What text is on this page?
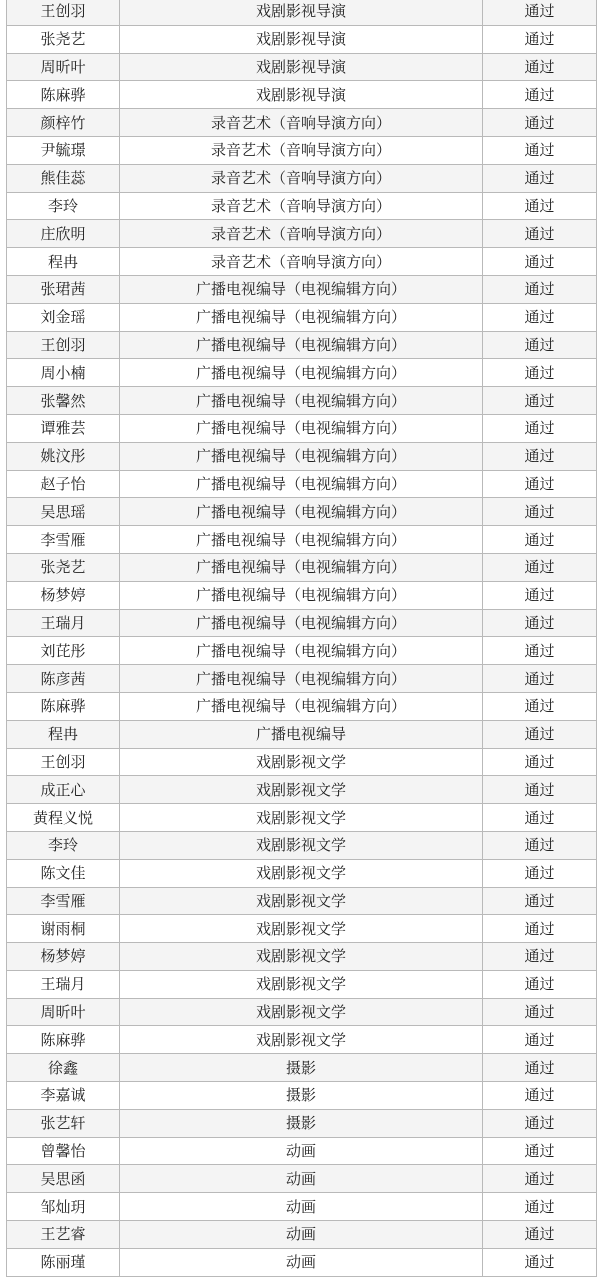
王创羽	戏剧影视导演	通过
张尧艺	戏剧影视导演	通过
周昕叶	戏剧影视导演	通过
陈麻骅	戏剧影视导演	通过
颜梓竹	录音艺术（音响导演方向）	通过
尹毓璟	录音艺术（音响导演方向）	通过
熊佳蕊	录音艺术（音响导演方向）	通过
李玲	录音艺术（音响导演方向）	通过
庄欣明	录音艺术（音响导演方向）	通过
程冉	录音艺术（音响导演方向）	通过
张珺茜	广播电视编导（电视编辑方向）	通过
刘金瑶	广播电视编导（电视编辑方向）	通过
王创羽	广播电视编导（电视编辑方向）	通过
周小楠	广播电视编导（电视编辑方向）	通过
张馨然	广播电视编导（电视编辑方向）	通过
谭雅芸	广播电视编导（电视编辑方向）	通过
姚汶彤	广播电视编导（电视编辑方向）	通过
赵子怡	广播电视编导（电视编辑方向）	通过
吴思瑶	广播电视编导（电视编辑方向）	通过
李雪雁	广播电视编导（电视编辑方向）	通过
张尧艺	广播电视编导（电视编辑方向）	通过
杨梦婷	广播电视编导（电视编辑方向）	通过
王瑞月	广播电视编导（电视编辑方向）	通过
刘芘彤	广播电视编导（电视编辑方向）	通过
陈彦茜	广播电视编导（电视编辑方向）	通过
陈麻骅	广播电视编导（电视编辑方向）	通过
程冉	广播电视编导	通过
王创羽	戏剧影视文学	通过
成正心	戏剧影视文学	通过
黄程义悦	戏剧影视文学	通过
李玲	戏剧影视文学	通过
陈文佳	戏剧影视文学	通过
李雪雁	戏剧影视文学	通过
谢雨桐	戏剧影视文学	通过
杨梦婷	戏剧影视文学	通过
王瑞月	戏剧影视文学	通过
周昕叶	戏剧影视文学	通过
陈麻骅	戏剧影视文学	通过
徐鑫	摄影	通过
李嘉诚	摄影	通过
张艺轩	摄影	通过
曾馨怡	动画	通过
吴思函	动画	通过
邹灿玥	动画	通过
王艺睿	动画	通过
陈丽瑾	动画	通过
